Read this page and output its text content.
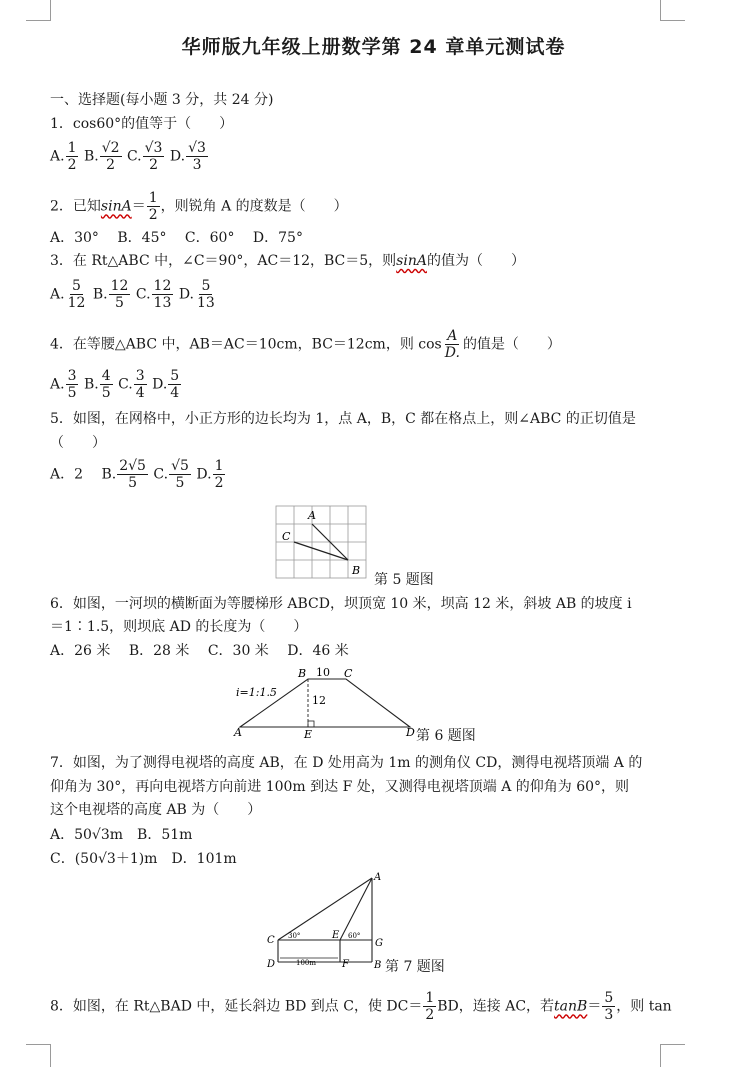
华师版九年级上册数学第 24 章单元测试卷
一、选择题(每小题 3 分，共 24 分)
1．cos60°的值等于（　　）
A. $\frac{1}{2} B$. $\frac{√2}{2} C$. $\frac{√3}{2} D$. $\frac{√3}{3}$
2．已知$\sin A= \frac{1}{2}$ ，则锐角 A 的度数是（　　）
A．30°　 B．45°　 C．60°　 D．75°
3．在 Rt△ABC 中，∠C＝90°，AC＝12，BC＝5，则sinA的值为（　　）
A. $\frac{5}{12} B$. $\frac{12}{5} C$. $\frac{12}{13} D$. $\frac{5}{13}$
4．在等腰△ABC 中，AB＝AC＝10cm，BC＝12cm，则 $\cos \frac{A}{D.}$ 的值是（　　）
A. $\frac{3}{5} B$. $\frac{4}{5} C$. $\frac{3}{4} D$. $\frac{5}{4}$
5．如图，在网格中，小正方形的边长均为 1，点 A，B，C 都在格点上，则∠ABC 的正切值是
（　　）
A．2　 B. $\frac{2√5}{5} C$. $\frac{√5}{5} D$. $\frac{1}{2}$
A
C
B
第 5 题图
6．如图，一河坝的横断面为等腰梯形 ABCD，坝顶宽 10 米，坝高 12 米，斜坡 AB 的坡度 i
＝1∶1.5，则坝底 AD 的长度为（　　）
A．26 米　 B．28 米　 C．30 米　 D．46 米
A
B	C
D
E
10
12
i=1:1.5
第 6 题图
7．如图，为了测得电视塔的高度 AB，在 D 处用高为 1m 的测角仪 CD，测得电视塔顶端 A 的
仰角为 30°，再向电视塔方向前进 100m 到达 F 处，又测得电视塔顶端 A 的仰角为 60°，则
这个电视塔的高度 AB 为（　　）
A．50√3m　B．51m
C．(50√3＋1)m　D．101m
A
B
C
D
E
F
G
30°	60°
100m	第 7 题图
8．如图，在 Rt△BAD 中，延长斜边 BD 到点 C，使 $DC= \frac{1}{2}$ BD，连接 AC，若$\tan B= \frac{5}{3}$ ，则 tan
